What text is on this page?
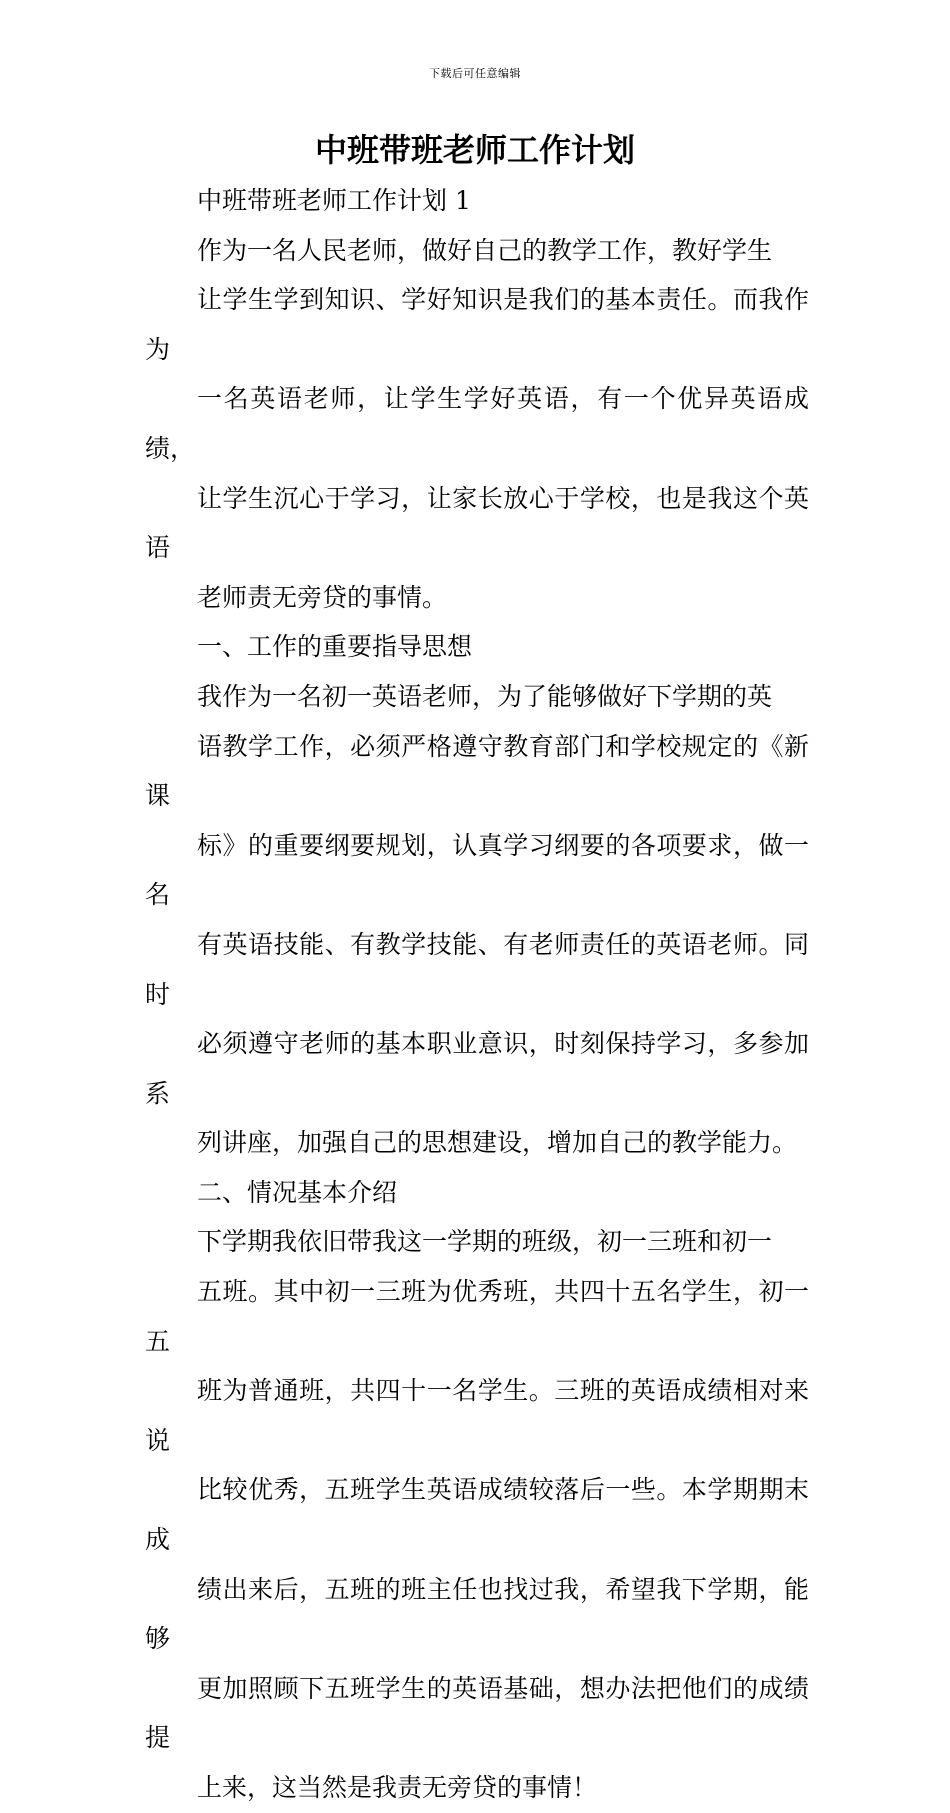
下载后可任意编辑
中班带班老师工作计划

中班带班老师工作计划 1

作为一名人民老师，做好自己的教学工作，教好学生
让学生学到知识、学好知识是我们的基本责任。而我作为
一名英语老师，让学生学好英语，有一个优异英语成绩，
让学生沉心于学习，让家长放心于学校，也是我这个英语
老师责无旁贷的事情。

一、工作的重要指导思想

我作为一名初一英语老师，为了能够做好下学期的英
语教学工作，必须严格遵守教育部门和学校规定的《新课
标》的重要纲要规划，认真学习纲要的各项要求，做一名
有英语技能、有教学技能、有老师责任的英语老师。同时
必须遵守老师的基本职业意识，时刻保持学习，多参加系
列讲座，加强自己的思想建设，增加自己的教学能力。

二、情况基本介绍

下学期我依旧带我这一学期的班级，初一三班和初一
五班。其中初一三班为优秀班，共四十五名学生，初一五
班为普通班，共四十一名学生。三班的英语成绩相对来说
比较优秀，五班学生英语成绩较落后一些。本学期期末成
绩出来后，五班的班主任也找过我，希望我下学期，能够
更加照顾下五班学生的英语基础，想办法把他们的成绩提
上来，这当然是我责无旁贷的事情！
